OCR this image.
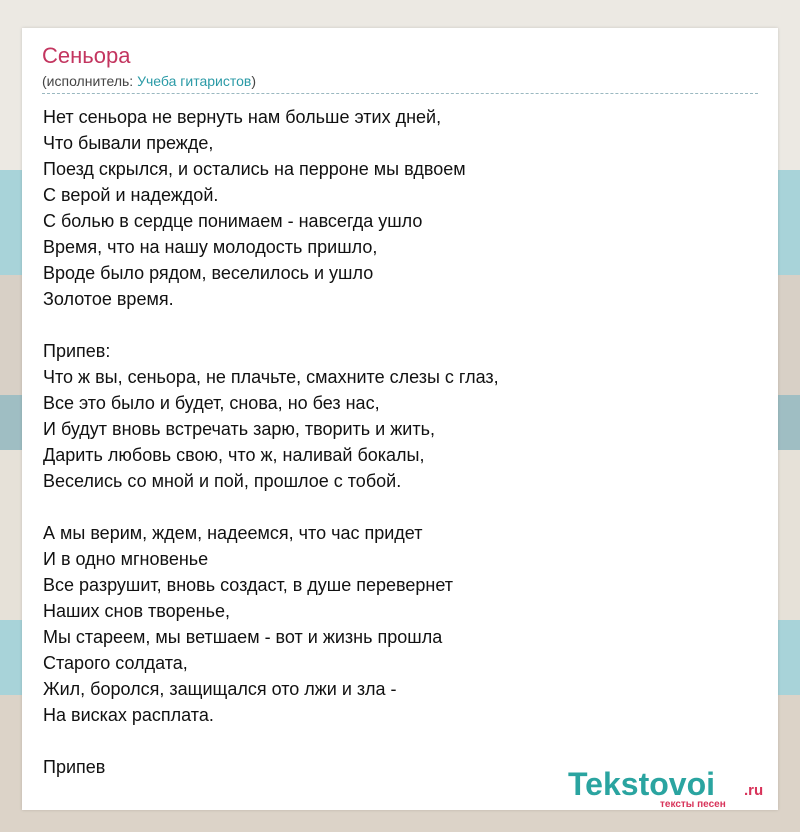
Сеньора
(исполнитель: Учеба гитаристов)
Нет сеньора не вернуть нам больше этих дней,
Что бывали прежде,
Поезд скрылся, и остались на перроне мы вдвоем
С верой и надеждой.
С болью в сердце понимаем - навсегда ушло
Время, что на нашу молодость пришло,
Вроде было рядом, веселилось и ушло
Золотое время.
Припев:
Что ж вы, сеньора, не плачьте, смахните слезы с глаз,
Все это было и будет, снова, но без нас,
И будут вновь встречать зарю, творить и жить,
Дарить любовь свою, что ж, наливай бокалы,
Веселись со мной и пой, прошлое с тобой.
А мы верим, ждем, надеемся, что час придет
И в одно мгновенье
Все разрушит, вновь создаст, в душе перевернет
Наших снов творенье,
Мы стареем, мы ветшаем - вот и жизнь прошла
Старого солдата,
Жил, боролся, защищался ото лжи и зла -
На висках расплата.
Припев	Tekstovoi .ru
тексты песен
